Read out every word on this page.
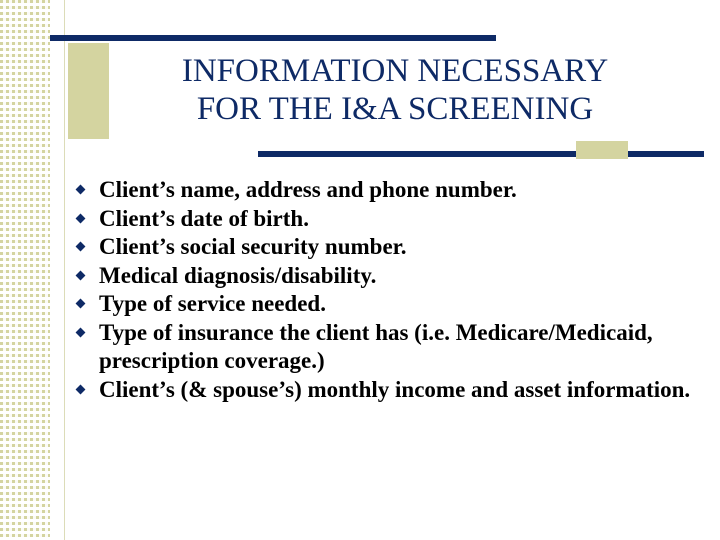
INFORMATION NECESSARY
FOR THE I&A SCREENING
Client’s name, address and phone number.
Client’s date of birth.
Client’s social security number.
Medical diagnosis/disability.
Type of service needed.
Type of insurance the client has (i.e. Medicare/Medicaid, prescription coverage.)
Client’s (& spouse’s) monthly income and asset information.
